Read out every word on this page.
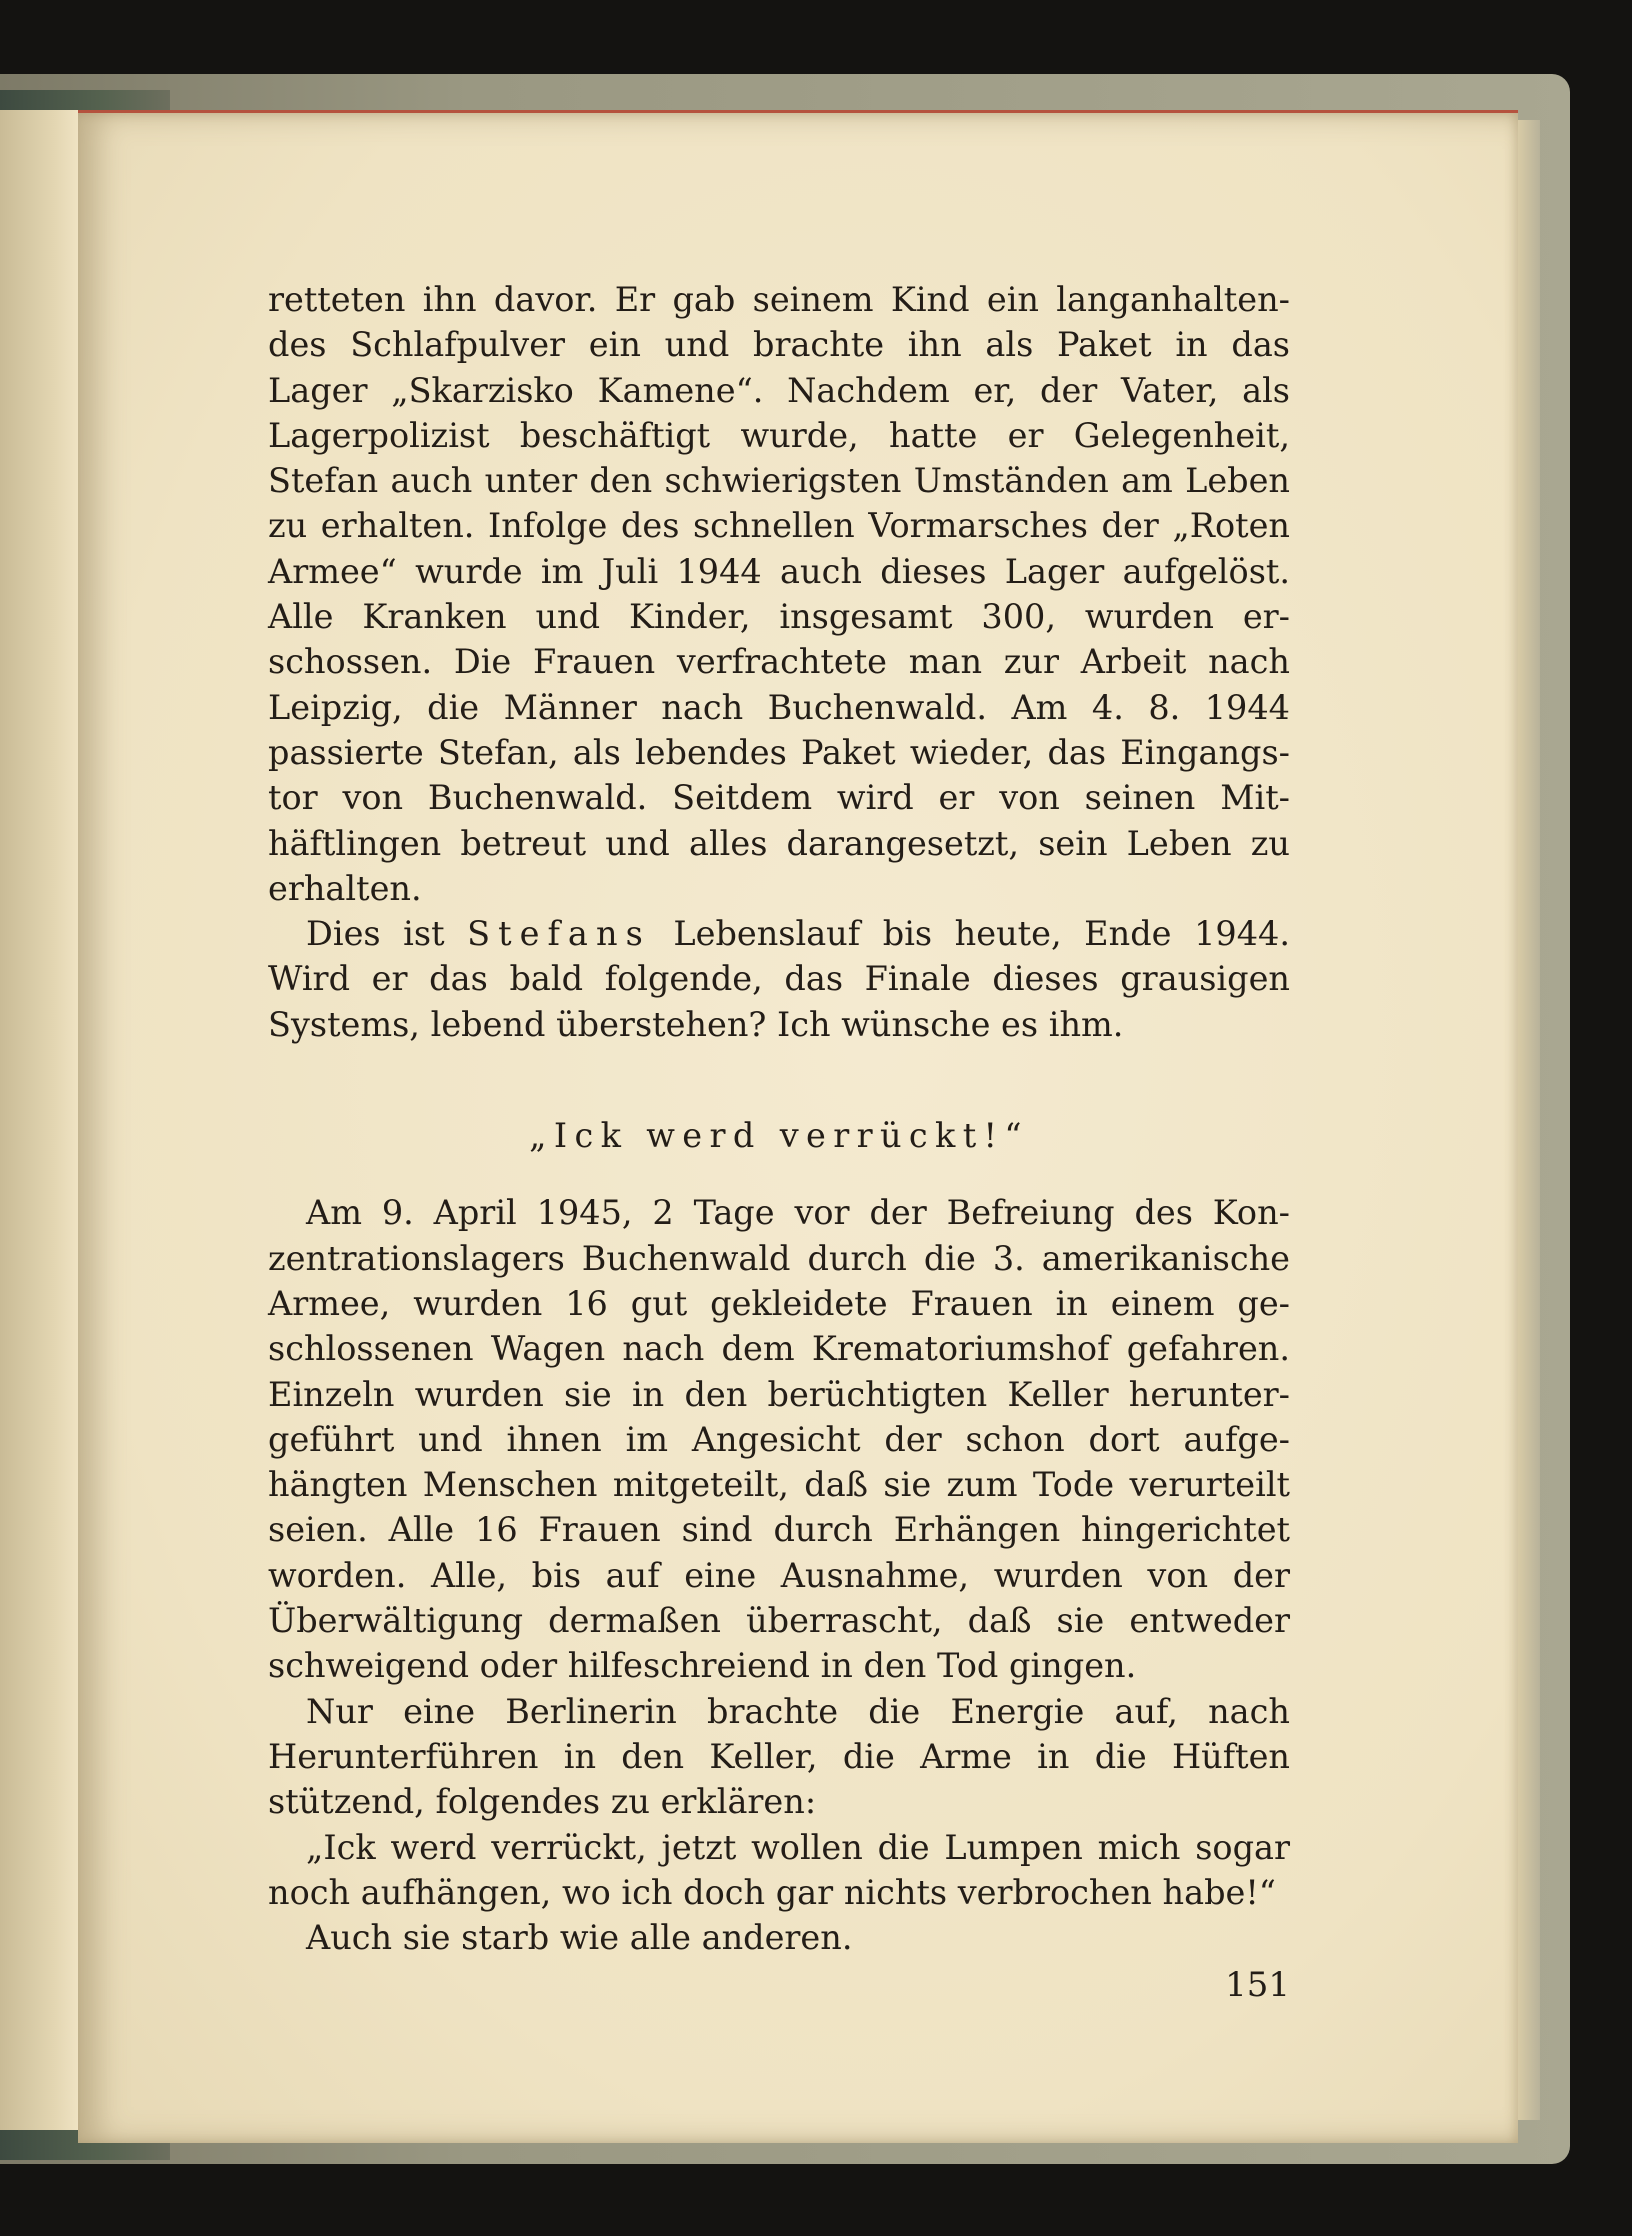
retteten ihn davor. Er gab seinem Kind ein langanhalten-
des Schlafpulver ein und brachte ihn als Paket in das
Lager „Skarzisko Kamene“. Nachdem er, der Vater, als
Lagerpolizist beschäftigt wurde, hatte er Gelegenheit,
Stefan auch unter den schwierigsten Umständen am Leben
zu erhalten. Infolge des schnellen Vormarsches der „Roten
Armee“ wurde im Juli 1944 auch dieses Lager aufgelöst.
Alle Kranken und Kinder, insgesamt 300, wurden er-
schossen. Die Frauen verfrachtete man zur Arbeit nach
Leipzig, die Männer nach Buchenwald. Am 4. 8. 1944
passierte Stefan, als lebendes Paket wieder, das Eingangs-
tor von Buchenwald. Seitdem wird er von seinen Mit-
häftlingen betreut und alles darangesetzt, sein Leben zu
erhalten.
Dies ist Stefans Lebenslauf bis heute, Ende 1944.
Wird er das bald folgende, das Finale dieses grausigen
Systems, lebend überstehen? Ich wünsche es ihm.
„Ick werd verrückt!“
Am 9. April 1945, 2 Tage vor der Befreiung des Kon-
zentrationslagers Buchenwald durch die 3. amerikanische
Armee, wurden 16 gut gekleidete Frauen in einem ge-
schlossenen Wagen nach dem Krematoriumshof gefahren.
Einzeln wurden sie in den berüchtigten Keller herunter-
geführt und ihnen im Angesicht der schon dort aufge-
hängten Menschen mitgeteilt, daß sie zum Tode verurteilt
seien. Alle 16 Frauen sind durch Erhängen hingerichtet
worden. Alle, bis auf eine Ausnahme, wurden von der
Überwältigung dermaßen überrascht, daß sie entweder
schweigend oder hilfeschreiend in den Tod gingen.
Nur eine Berlinerin brachte die Energie auf, nach
Herunterführen in den Keller, die Arme in die Hüften
stützend, folgendes zu erklären:
„Ick werd verrückt, jetzt wollen die Lumpen mich sogar
noch aufhängen, wo ich doch gar nichts verbrochen habe!“
Auch sie starb wie alle anderen.
151
